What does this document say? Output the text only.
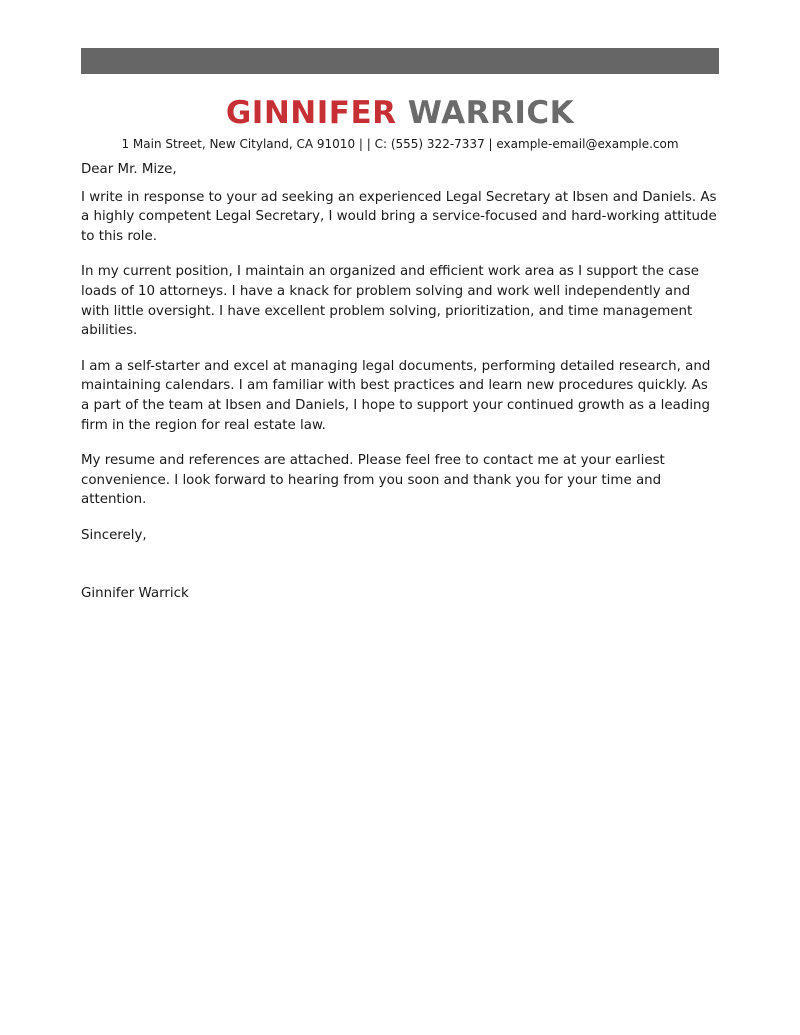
GINNIFER WARRICK
1 Main Street, New Cityland, CA 91010 | | C: (555) 322-7337 | example-email@example.com

Dear Mr. Mize,

I write in response to your ad seeking an experienced Legal Secretary at Ibsen and Daniels. As a highly competent Legal Secretary, I would bring a service-focused and hard-working attitude to this role.

In my current position, I maintain an organized and efficient work area as I support the case loads of 10 attorneys. I have a knack for problem solving and work well independently and with little oversight. I have excellent problem solving, prioritization, and time management abilities.

I am a self-starter and excel at managing legal documents, performing detailed research, and maintaining calendars. I am familiar with best practices and learn new procedures quickly. As a part of the team at Ibsen and Daniels, I hope to support your continued growth as a leading firm in the region for real estate law.

My resume and references are attached. Please feel free to contact me at your earliest convenience. I look forward to hearing from you soon and thank you for your time and attention.

Sincerely,

Ginnifer Warrick
